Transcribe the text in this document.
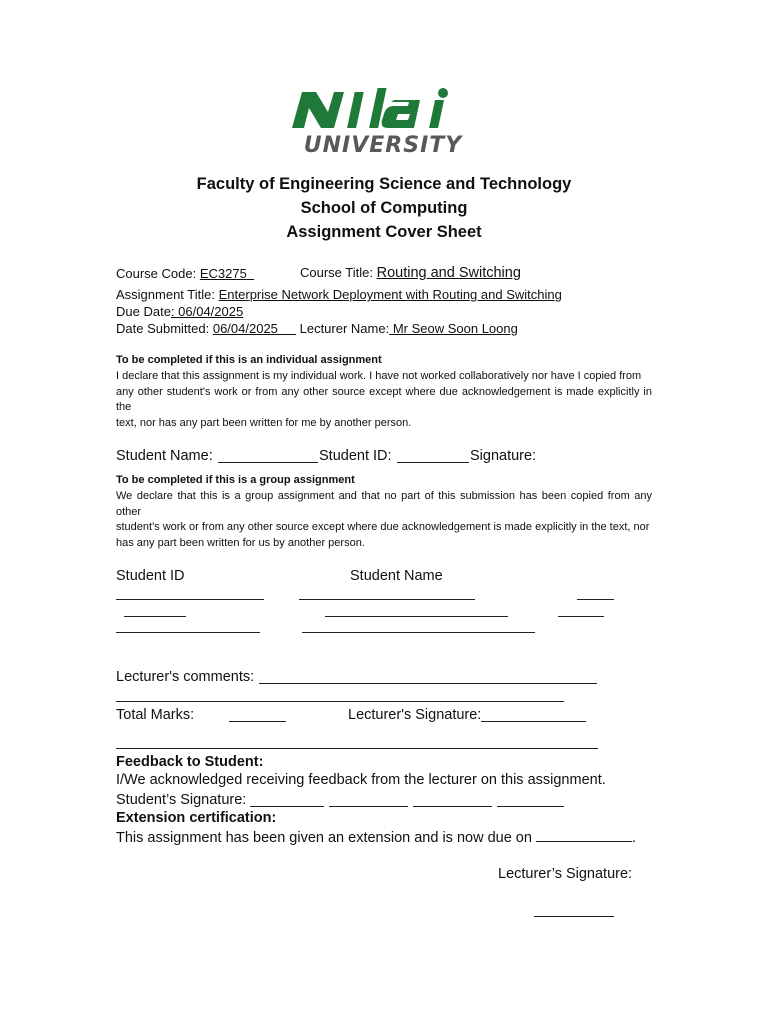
UNIVERSITY
Faculty of Engineering Science and Technology
School of Computing
Assignment Cover Sheet
Course Code: EC3275	Course Title: Routing and Switching
Assignment Title: Enterprise Network Deployment with Routing and Switching
Due Date: 06/04/2025
Date Submitted: 06/04/2025 Lecturer Name: Mr Seow Soon Loong
To be completed if this is an individual assignment

I declare that this assignment is my individual work. I have not worked collaboratively nor have I copied from

any other student's work or from any other source except where due acknowledgement is made explicitly in the

text, nor has any part been written for me by another person.

Student Name:	Student ID:	Signature:
To be completed if this is a group assignment

We declare that this is a group assignment and that no part of this submission has been copied from any other

student's work or from any other source except where due acknowledgement is made explicitly in the text, nor

has any part been written for us by another person.

Student ID	Student Name
Lecturer's comments:
Total Marks:	Lecturer's Signature:
Feedback to Student:
I/We acknowledged receiving feedback from the lecturer on this assignment.
Student’s Signature:
Extension certification:
This assignment has been given an extension and is now due on	.
Lecturer’s Signature:
